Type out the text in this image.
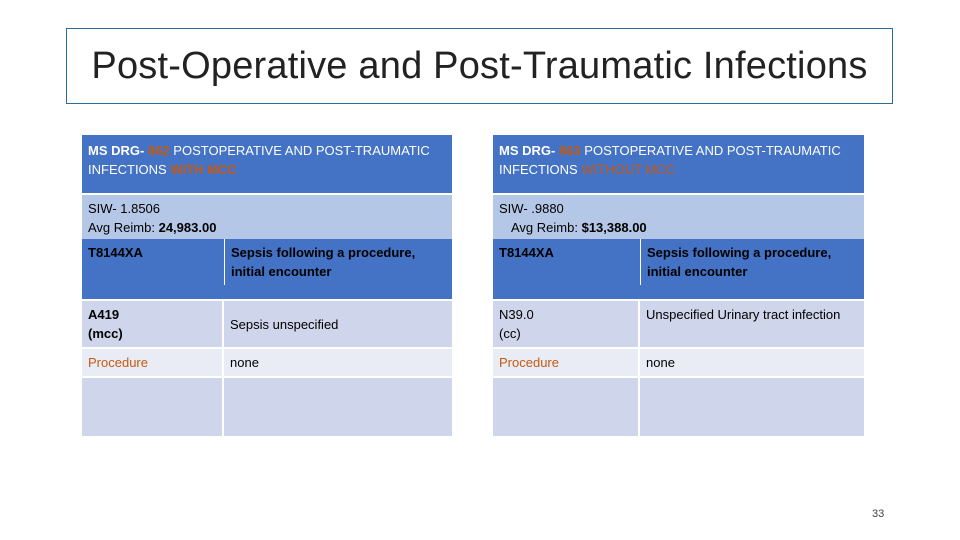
Post-Operative and Post-Traumatic Infections
MS DRG- 862 POSTOPERATIVE AND POST-TRAUMATIC
INFECTIONS WITH MCC	

SIW- 1.8506
Avg Reimb: 24,983.00
T8144XA Sepsis following a procedure, initial encounter	

A419
(mcc)	Sepsis unspecified
Procedure	none

MS DRG- 863 POSTOPERATIVE AND POST-TRAUMATIC
INFECTIONS WITHOUT MCC	

SIW- .9880
Avg Reimb: $13,388.00
T8144XA Sepsis following a procedure, initial encounter	

N39.0
(cc)	Unspecified Urinary tract infection
Procedure	none

33
